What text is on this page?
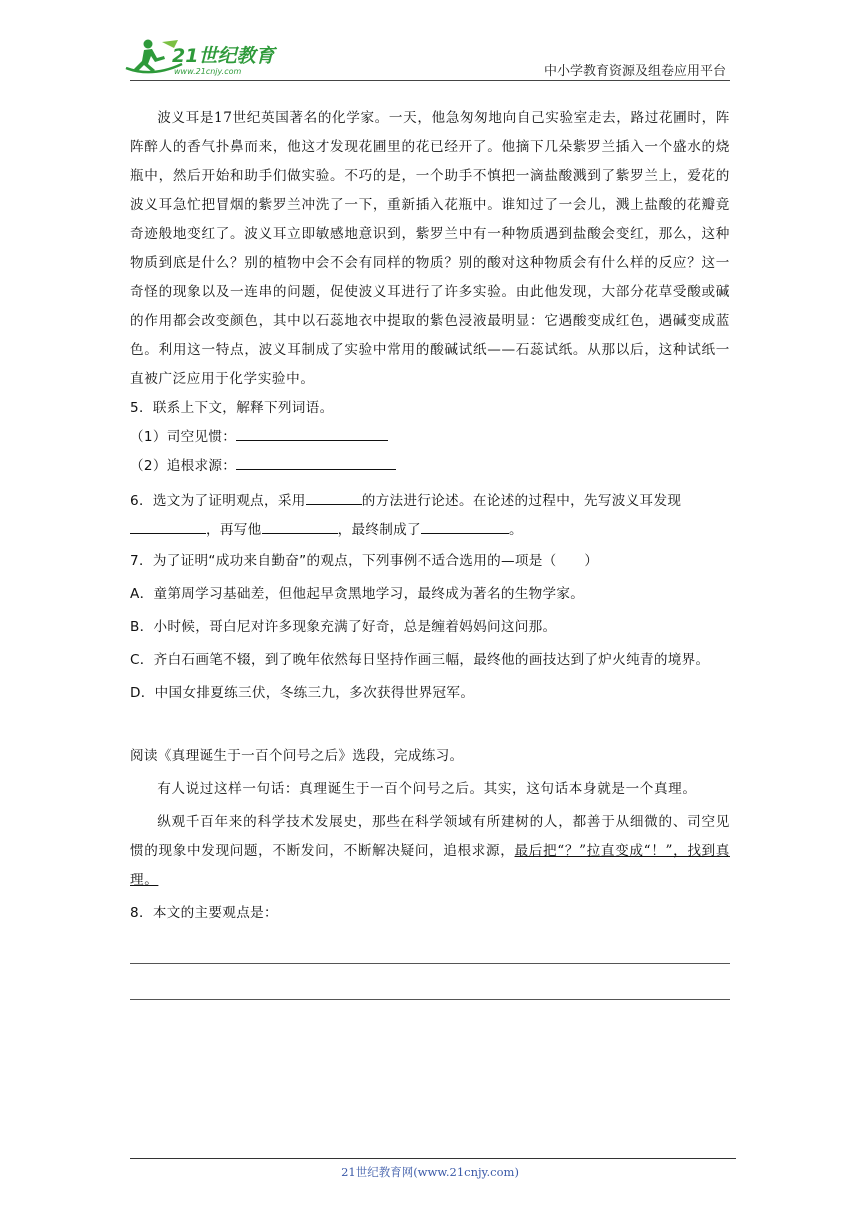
21世纪教育
www.21cnjy.com	中小学教育资源及组卷应用平台

波义耳是17世纪英国著名的化学家。一天，他急匆匆地向自己实验室走去，路过花圃时，阵阵醉人的香气扑鼻而来，他这才发现花圃里的花已经开了。他摘下几朵紫罗兰插入一个盛水的烧瓶中，然后开始和助手们做实验。不巧的是，一个助手不慎把一滴盐酸溅到了紫罗兰上，爱花的波义耳急忙把冒烟的紫罗兰冲洗了一下，重新插入花瓶中。谁知过了一会儿，溅上盐酸的花瓣竟奇迹般地变红了。波义耳立即敏感地意识到，紫罗兰中有一种物质遇到盐酸会变红，那么，这种物质到底是什么？别的植物中会不会有同样的物质？别的酸对这种物质会有什么样的反应？这一奇怪的现象以及一连串的问题，促使波义耳进行了许多实验。由此他发现，大部分花草受酸或碱的作用都会改变颜色，其中以石蕊地衣中提取的紫色浸液最明显：它遇酸变成红色，遇碱变成蓝色。利用这一特点，波义耳制成了实验中常用的酸碱试纸——石蕊试纸。从那以后，这种试纸一直被广泛应用于化学实验中。

5．联系上下文，解释下列词语。

（1）司空见惯：

（2）追根求源：

6．选文为了证明观点，采用	的方法进行论述。在论述的过程中，先写波义耳发现
，再写他	，最终制成了	。

7．为了证明“成功来自勤奋”的观点，下列事例不适合选用的—项是（　　）

A．童第周学习基础差，但他起早贪黑地学习，最终成为著名的生物学家。

B．小时候，哥白尼对许多现象充满了好奇，总是缠着妈妈问这问那。

C．齐白石画笔不辍，到了晚年依然每日坚持作画三幅，最终他的画技达到了炉火纯青的境界。

D．中国女排夏练三伏，冬练三九，多次获得世界冠军。

阅读《真理诞生于一百个问号之后》选段，完成练习。

有人说过这样一句话：真理诞生于一百个问号之后。其实，这句话本身就是一个真理。

纵观千百年来的科学技术发展史，那些在科学领域有所建树的人，都善于从细微的、司空见惯的现象中发现问题，不断发问，不断解决疑问，追根求源，最后把“？”拉直变成“！”，找到真理。

8．本文的主要观点是：

21世纪教育网(www.21cnjy.com)
